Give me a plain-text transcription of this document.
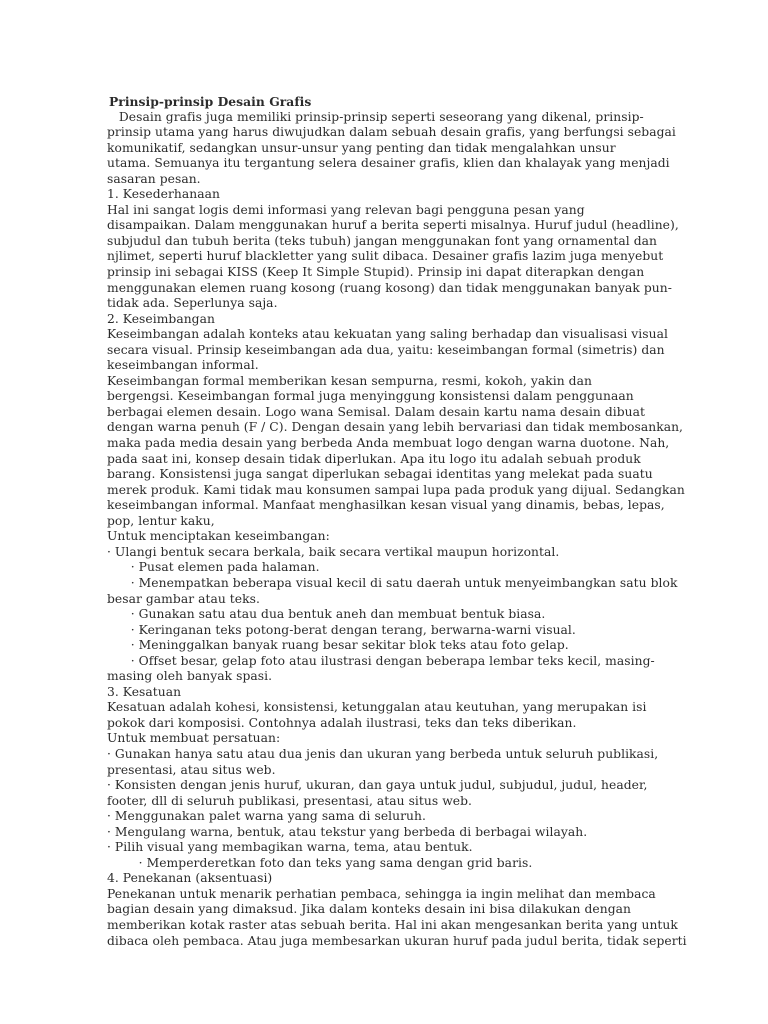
Prinsip-prinsip Desain Grafis
Desain grafis juga memiliki prinsip-prinsip seperti seseorang yang dikenal, prinsip-
prinsip utama yang harus diwujudkan dalam sebuah desain grafis, yang berfungsi sebagai
komunikatif, sedangkan unsur-unsur yang penting dan tidak mengalahkan unsur
utama. Semuanya itu tergantung selera desainer grafis, klien dan khalayak yang menjadi
sasaran pesan.
1. Kesederhanaan
Hal ini sangat logis demi informasi yang relevan bagi pengguna pesan yang
disampaikan. Dalam menggunakan huruf a berita seperti misalnya. Huruf judul (headline),
subjudul dan tubuh berita (teks tubuh) jangan menggunakan font yang ornamental dan
njlimet, seperti huruf blackletter yang sulit dibaca. Desainer grafis lazim juga menyebut
prinsip ini sebagai KISS (Keep It Simple Stupid). Prinsip ini dapat diterapkan dengan
menggunakan elemen ruang kosong (ruang kosong) dan tidak menggunakan banyak pun-
tidak ada. Seperlunya saja.
2. Keseimbangan
Keseimbangan adalah konteks atau kekuatan yang saling berhadap dan visualisasi visual
secara visual. Prinsip keseimbangan ada dua, yaitu: keseimbangan formal (simetris) dan
keseimbangan informal.
Keseimbangan formal memberikan kesan sempurna, resmi, kokoh, yakin dan
bergengsi. Keseimbangan formal juga menyinggung konsistensi dalam penggunaan
berbagai elemen desain. Logo wana Semisal. Dalam desain kartu nama desain dibuat
dengan warna penuh (F / C). Dengan desain yang lebih bervariasi dan tidak membosankan,
maka pada media desain yang berbeda Anda membuat logo dengan warna duotone. Nah,
pada saat ini, konsep desain tidak diperlukan. Apa itu logo itu adalah sebuah produk
barang. Konsistensi juga sangat diperlukan sebagai identitas yang melekat pada suatu
merek produk. Kami tidak mau konsumen sampai lupa pada produk yang dijual. Sedangkan
keseimbangan informal. Manfaat menghasilkan kesan visual yang dinamis, bebas, lepas,
pop, lentur kaku,
Untuk menciptakan keseimbangan:
· Ulangi bentuk secara berkala, baik secara vertikal maupun horizontal.
· Pusat elemen pada halaman.
· Menempatkan beberapa visual kecil di satu daerah untuk menyeimbangkan satu blok
besar gambar atau teks.
· Gunakan satu atau dua bentuk aneh dan membuat bentuk biasa.
· Keringanan teks potong-berat dengan terang, berwarna-warni visual.
· Meninggalkan banyak ruang besar sekitar blok teks atau foto gelap.
· Offset besar, gelap foto atau ilustrasi dengan beberapa lembar teks kecil, masing-
masing oleh banyak spasi.
3. Kesatuan
Kesatuan adalah kohesi, konsistensi, ketunggalan atau keutuhan, yang merupakan isi
pokok dari komposisi. Contohnya adalah ilustrasi, teks dan teks diberikan.
Untuk membuat persatuan:
· Gunakan hanya satu atau dua jenis dan ukuran yang berbeda untuk seluruh publikasi,
presentasi, atau situs web.
· Konsisten dengan jenis huruf, ukuran, dan gaya untuk judul, subjudul, judul, header,
footer, dll di seluruh publikasi, presentasi, atau situs web.
· Menggunakan palet warna yang sama di seluruh.
· Mengulang warna, bentuk, atau tekstur yang berbeda di berbagai wilayah.
· Pilih visual yang membagikan warna, tema, atau bentuk.
· Memperderetkan foto dan teks yang sama dengan grid baris.
4. Penekanan (aksentuasi)
Penekanan untuk menarik perhatian pembaca, sehingga ia ingin melihat dan membaca
bagian desain yang dimaksud. Jika dalam konteks desain ini bisa dilakukan dengan
memberikan kotak raster atas sebuah berita. Hal ini akan mengesankan berita yang untuk
dibaca oleh pembaca. Atau juga membesarkan ukuran huruf pada judul berita, tidak seperti
